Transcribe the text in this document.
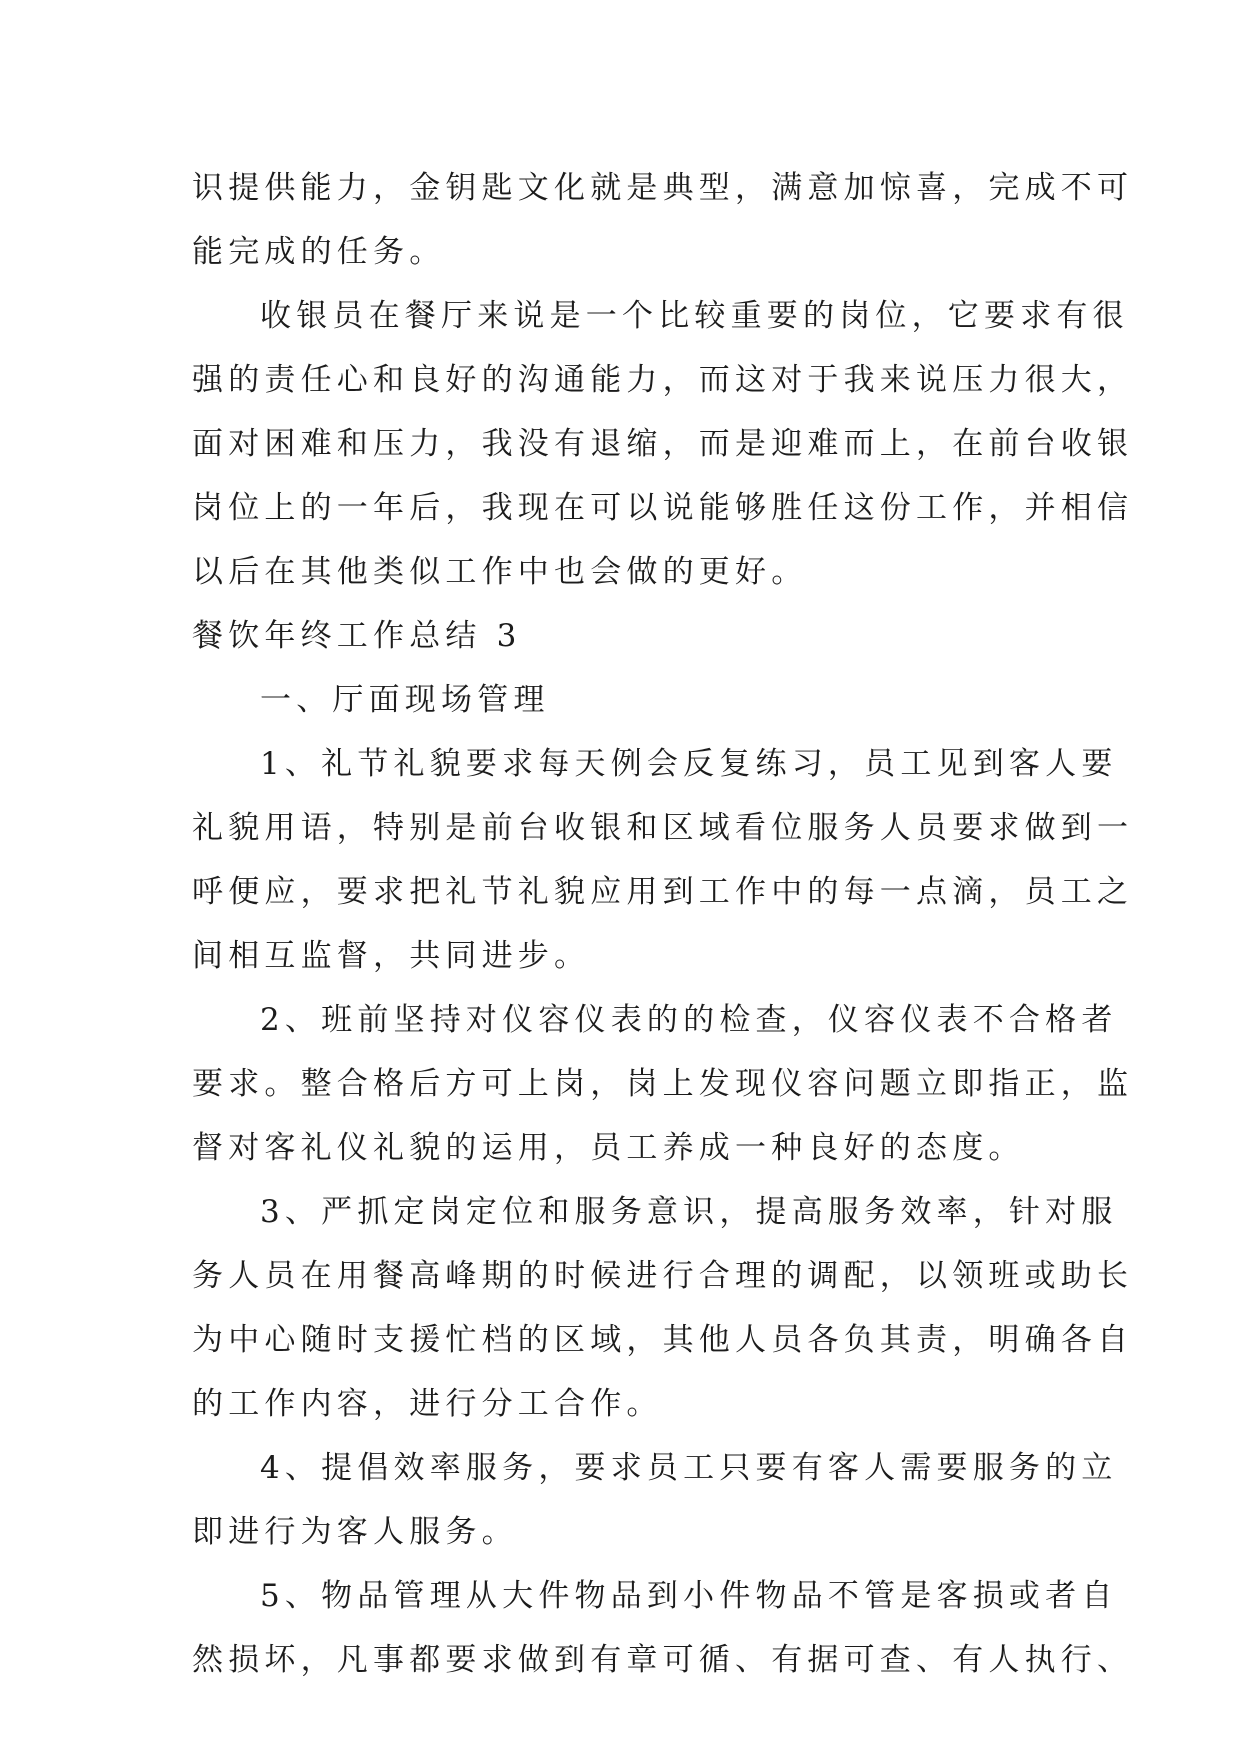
识提供能力，金钥匙文化就是典型，满意加惊喜，完成不可
能完成的任务。
收银员在餐厅来说是一个比较重要的岗位，它要求有很
强的责任心和良好的沟通能力，而这对于我来说压力很大，
面对困难和压力，我没有退缩，而是迎难而上，在前台收银
岗位上的一年后，我现在可以说能够胜任这份工作，并相信
以后在其他类似工作中也会做的更好。
餐饮年终工作总结 3
一、厅面现场管理
1、礼节礼貌要求每天例会反复练习，员工见到客人要
礼貌用语，特别是前台收银和区域看位服务人员要求做到一
呼便应，要求把礼节礼貌应用到工作中的每一点滴，员工之
间相互监督，共同进步。
2、班前坚持对仪容仪表的的检查，仪容仪表不合格者
要求。整合格后方可上岗，岗上发现仪容问题立即指正，监
督对客礼仪礼貌的运用，员工养成一种良好的态度。
3、严抓定岗定位和服务意识，提高服务效率，针对服
务人员在用餐高峰期的时候进行合理的调配，以领班或助长
为中心随时支援忙档的区域，其他人员各负其责，明确各自
的工作内容，进行分工合作。
4、提倡效率服务，要求员工只要有客人需要服务的立
即进行为客人服务。
5、物品管理从大件物品到小件物品不管是客损或者自
然损坏，凡事都要求做到有章可循、有据可查、有人执行、
